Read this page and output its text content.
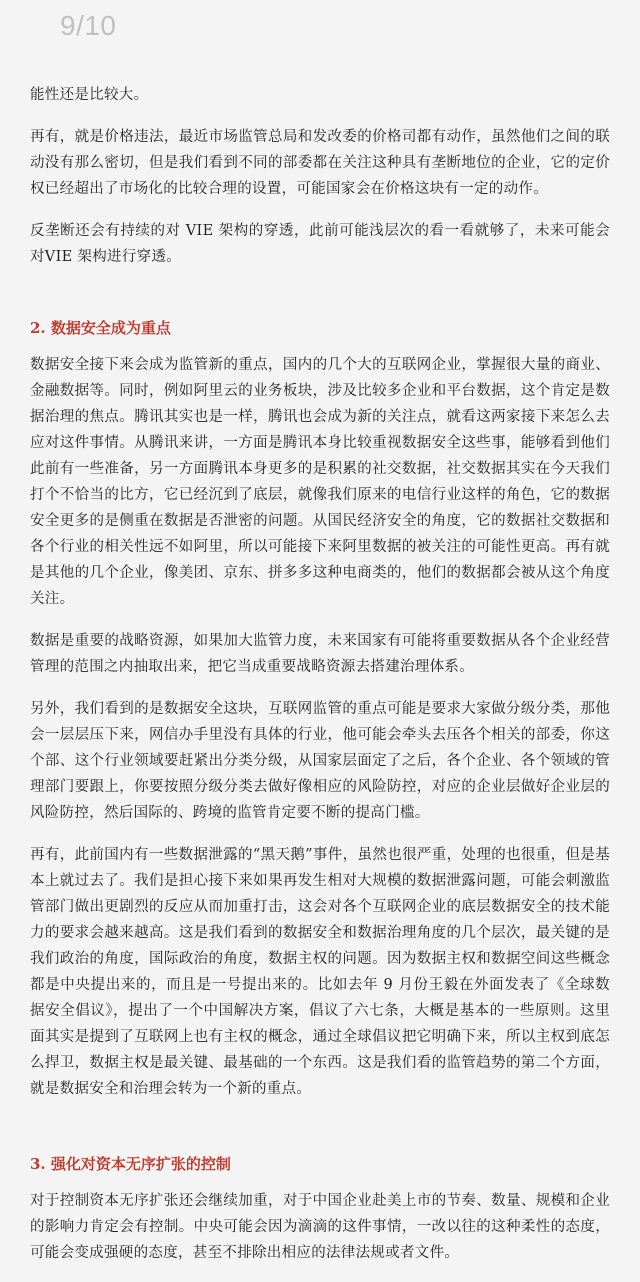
9/10

能性还是比较大。

再有，就是价格违法，最近市场监管总局和发改委的价格司都有动作，虽然他们之间的联动没有那么密切，但是我们看到不同的部委都在关注这种具有垄断地位的企业，它的定价权已经超出了市场化的比较合理的设置，可能国家会在价格这块有一定的动作。

反垄断还会有持续的对 VIE 架构的穿透，此前可能浅层次的看一看就够了，未来可能会对VIE 架构进行穿透。

2. 数据安全成为重点

数据安全接下来会成为监管新的重点，国内的几个大的互联网企业，掌握很大量的商业、金融数据等。同时，例如阿里云的业务板块，涉及比较多企业和平台数据，这个肯定是数据治理的焦点。腾讯其实也是一样，腾讯也会成为新的关注点，就看这两家接下来怎么去应对这件事情。从腾讯来讲，一方面是腾讯本身比较重视数据安全这些事，能够看到他们此前有一些准备，另一方面腾讯本身更多的是积累的社交数据，社交数据其实在今天我们打个不恰当的比方，它已经沉到了底层，就像我们原来的电信行业这样的角色，它的数据安全更多的是侧重在数据是否泄密的问题。从国民经济安全的角度，它的数据社交数据和各个行业的相关性远不如阿里，所以可能接下来阿里数据的被关注的可能性更高。再有就是其他的几个企业，像美团、京东、拼多多这种电商类的，他们的数据都会被从这个角度关注。

数据是重要的战略资源，如果加大监管力度，未来国家有可能将重要数据从各个企业经营管理的范围之内抽取出来，把它当成重要战略资源去搭建治理体系。

另外，我们看到的是数据安全这块，互联网监管的重点可能是要求大家做分级分类，那他会一层层压下来，网信办手里没有具体的行业，他可能会牵头去压各个相关的部委，你这个部、这个行业领域要赶紧出分类分级，从国家层面定了之后，各个企业、各个领域的管理部门要跟上，你要按照分级分类去做好像相应的风险防控，对应的企业层做好企业层的风险防控，然后国际的、跨境的监管肯定要不断的提高门槛。

再有，此前国内有一些数据泄露的“黑天鹅”事件，虽然也很严重，处理的也很重，但是基本上就过去了。我们是担心接下来如果再发生相对大规模的数据泄露问题，可能会刺激监管部门做出更剧烈的反应从而加重打击，这会对各个互联网企业的底层数据安全的技术能力的要求会越来越高。这是我们看到的数据安全和数据治理角度的几个层次，最关键的是我们政治的角度，国际政治的角度，数据主权的问题。因为数据主权和数据空间这些概念都是中央提出来的，而且是一号提出来的。比如去年 9 月份王毅在外面发表了《全球数据安全倡议》，提出了一个中国解决方案，倡议了六七条，大概是基本的一些原则。这里面其实是提到了互联网上也有主权的概念，通过全球倡议把它明确下来，所以主权到底怎么捍卫，数据主权是最关键、最基础的一个东西。这是我们看的监管趋势的第二个方面，就是数据安全和治理会转为一个新的重点。

3. 强化对资本无序扩张的控制

对于控制资本无序扩张还会继续加重，对于中国企业赴美上市的节奏、数量、规模和企业的影响力肯定会有控制。中央可能会因为滴滴的这件事情，一改以往的这种柔性的态度，可能会变成强硬的态度，甚至不排除出相应的法律法规或者文件。
